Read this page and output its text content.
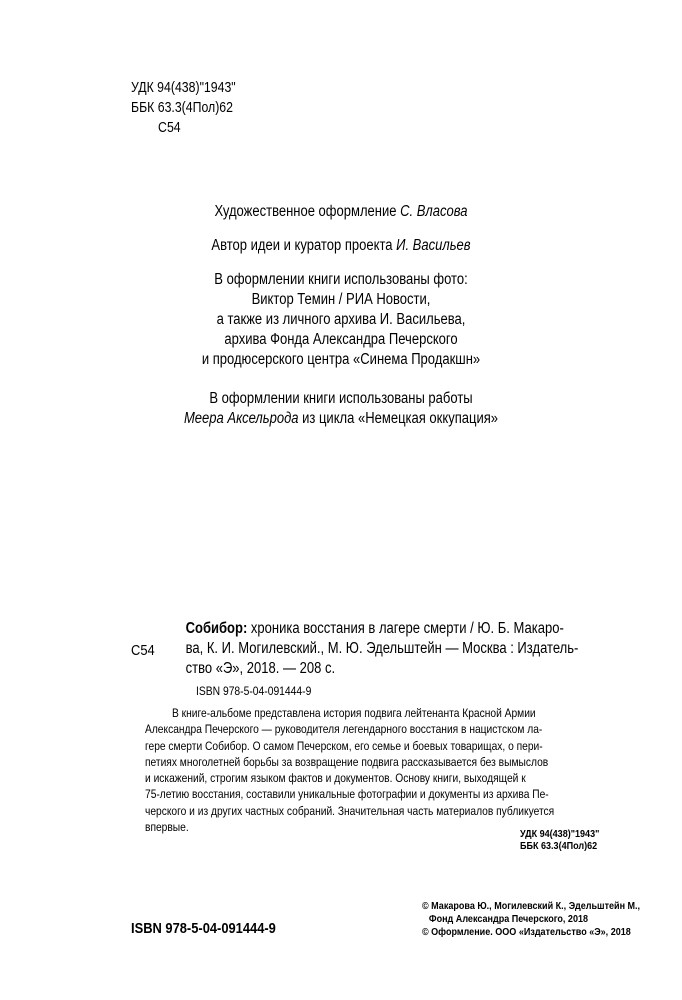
УДК 94(438)"1943"
ББК 63.3(4Пол)62
С54
Художественное оформление С. Власова
Автор идеи и куратор проекта И. Васильев
В оформлении книги использованы фото:
Виктор Темин / РИА Новости,
а также из личного архива И. Васильева,
архива Фонда Александра Печерского
и продюсерского центра «Синема Продакшн»
В оформлении книги использованы работы
Меера Аксельрода из цикла «Немецкая оккупация»
С54
Собибор: хроника восстания в лагере смерти / Ю. Б. Макаро-
ва, К. И. Могилевский., М. Ю. Эдельштейн — Москва : Издатель-
ство «Э», 2018. — 208 с.
ISBN 978-5-04-091444-9
В книге-альбоме представлена история подвига лейтенанта Красной Армии
Александра Печерского — руководителя легендарного восстания в нацистском ла-
гере смерти Собибор. О самом Печерском, его семье и боевых товарищах, о пери-
петиях многолетней борьбы за возвращение подвига рассказывается без вымыслов
и искажений, строгим языком фактов и документов. Основу книги, выходящей к
75-летию восстания, составили уникальные фотографии и документы из архива Пе-
черского и из других частных собраний. Значительная часть материалов публикуется
впервые.	УДК 94(438)"1943"
ББК 63.3(4Пол)62
ISBN 978-5-04-091444-9
© Макарова Ю., Могилевский К., Эдельштейн М.,
Фонд Александра Печерского, 2018
© Оформление. ООО «Издательство «Э», 2018
